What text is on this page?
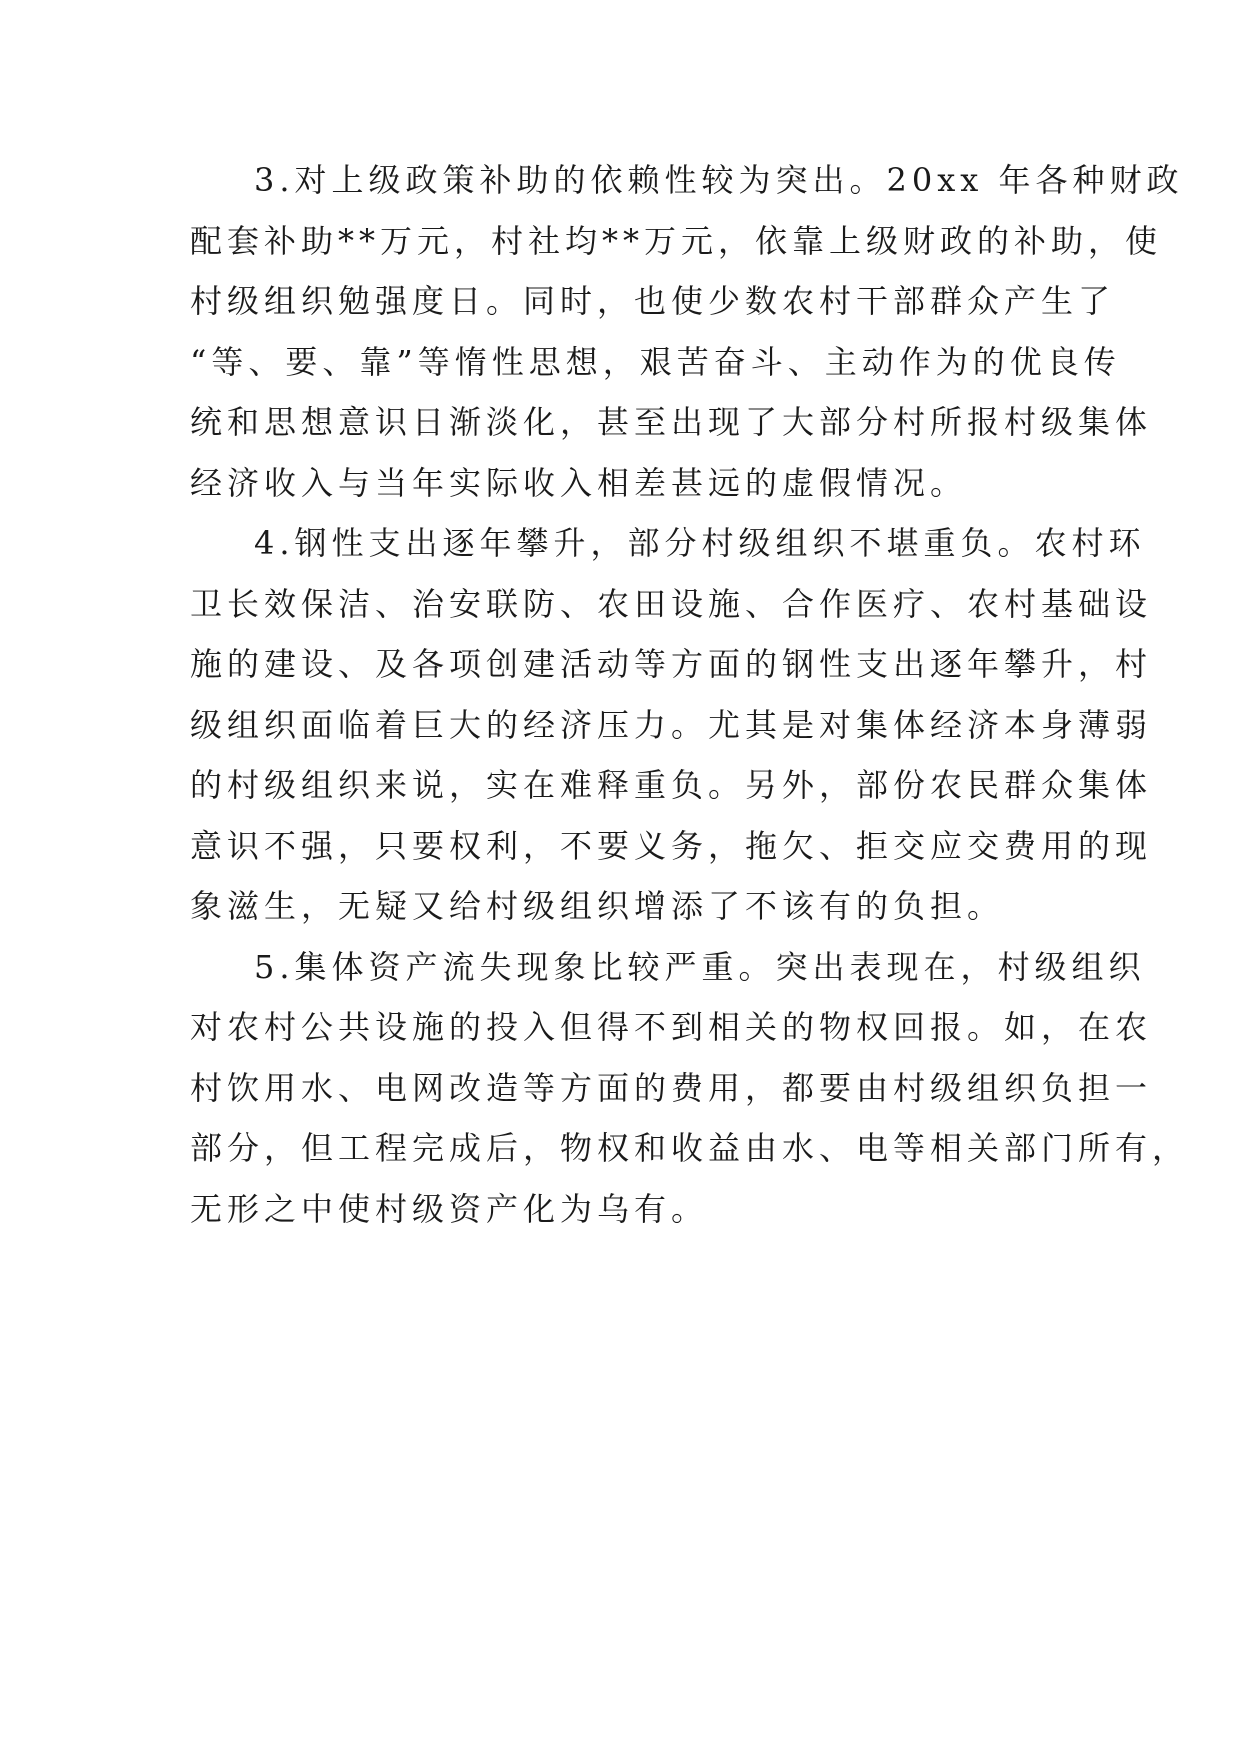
3.对上级政策补助的依赖性较为突出。20xx 年各种财政
配套补助**万元，村社均**万元，依靠上级财政的补助，使
村级组织勉强度日。同时，也使少数农村干部群众产生了
“等、要、靠”等惰性思想，艰苦奋斗、主动作为的优良传
统和思想意识日渐淡化，甚至出现了大部分村所报村级集体
经济收入与当年实际收入相差甚远的虚假情况。
4.钢性支出逐年攀升，部分村级组织不堪重负。农村环
卫长效保洁、治安联防、农田设施、合作医疗、农村基础设
施的建设、及各项创建活动等方面的钢性支出逐年攀升，村
级组织面临着巨大的经济压力。尤其是对集体经济本身薄弱
的村级组织来说，实在难释重负。另外，部份农民群众集体
意识不强，只要权利，不要义务，拖欠、拒交应交费用的现
象滋生，无疑又给村级组织增添了不该有的负担。
5.集体资产流失现象比较严重。突出表现在，村级组织
对农村公共设施的投入但得不到相关的物权回报。如，在农
村饮用水、电网改造等方面的费用，都要由村级组织负担一
部分，但工程完成后，物权和收益由水、电等相关部门所有，
无形之中使村级资产化为乌有。
